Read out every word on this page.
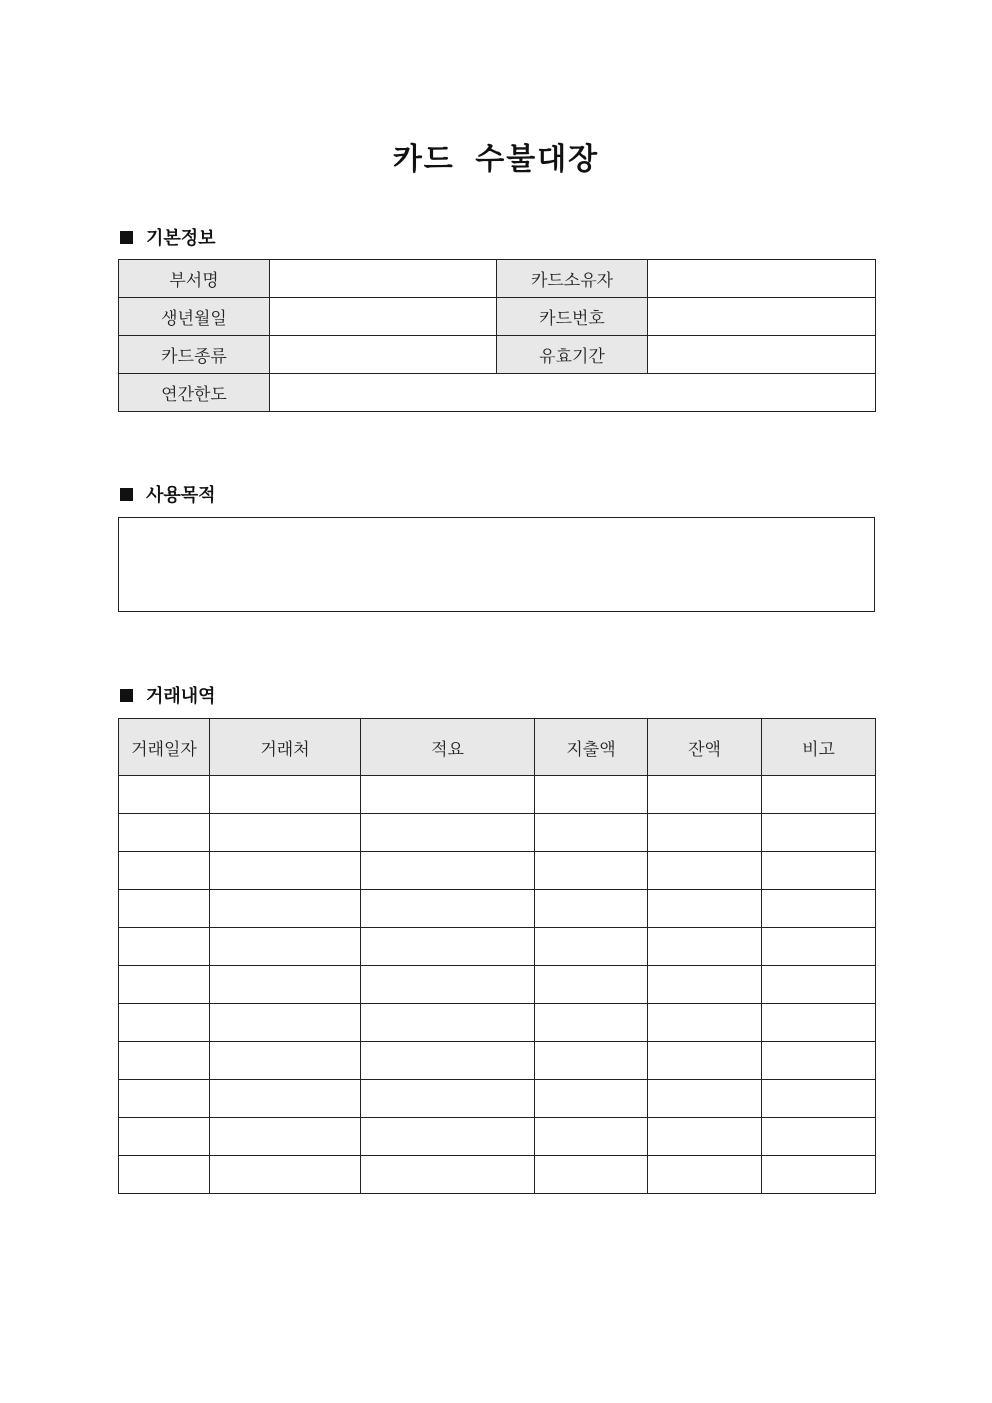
카드 수불대장
기본정보
부서명		카드소유자	
생년월일		카드번호	
카드종류		유효기간	
연간한도			
사용목적
거래내역
거래일자	거래처	적요	지출액	잔액	비고
